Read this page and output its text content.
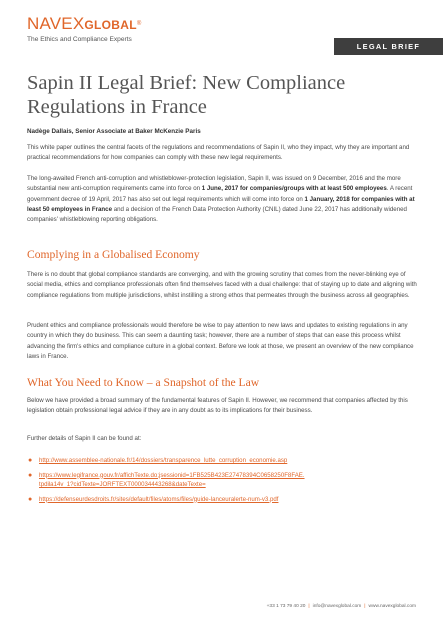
NAVEXGLOBAL®
The Ethics and Compliance Experts
LEGAL BRIEF
Sapin II Legal Brief: New Compliance Regulations in France
Nadège Dallais, Senior Associate at Baker McKenzie Paris

This white paper outlines the central facets of the regulations and recommendations of Sapin II, who they impact, why they are important and practical recommendations for how companies can comply with these new legal requirements.

The long-awaited French anti-corruption and whistleblower-protection legislation, Sapin II, was issued on 9 December, 2016 and the more substantial new anti-corruption requirements came into force on 1 June, 2017 for companies/groups with at least 500 employees. A recent government decree of 19 April, 2017 has also set out legal requirements which will come into force on 1 January, 2018 for companies with at least 50 employees in France and a decision of the French Data Protection Authority (CNIL) dated June 22, 2017 has additionally widened companies' whistleblowing reporting obligations.

Complying in a Globalised Economy

There is no doubt that global compliance standards are converging, and with the growing scrutiny that comes from the never-blinking eye of social media, ethics and compliance professionals often find themselves faced with a dual challenge: that of staying up to date and aligning with compliance regulations from multiple jurisdictions, whilst instilling a strong ethos that permeates through the business across all geographies.

Prudent ethics and compliance professionals would therefore be wise to pay attention to new laws and updates to existing regulations in any country in which they do business. This can seem a daunting task; however, there are a number of steps that can ease this process whilst advancing the firm's ethics and compliance culture in a global context. Before we look at those, we present an overview of the new compliance laws in France.

What You Need to Know – a Snapshot of the Law

Below we have provided a broad summary of the fundamental features of Sapin II. However, we recommend that companies affected by this legislation obtain professional legal advice if they are in any doubt as to its implications for their business.

Further details of Sapin II can be found at:

● http://www.assemblee-nationale.fr/14/dossiers/transparence_lutte_corruption_economie.asp
● https://www.legifrance.gouv.fr/affichTexte.do;jsessionid=1FB525B423E27478394C0658250F8FAE.
tpdila14v_1?cidTexte=JORFTEXT000034443268&dateTexte=
● https://defenseurdesdroits.fr/sites/default/files/atoms/files/guide-lanceuralerte-num-v3.pdf
+33 1 73 79 40 20 | info@navexglobal.com | www.navexglobal.com
